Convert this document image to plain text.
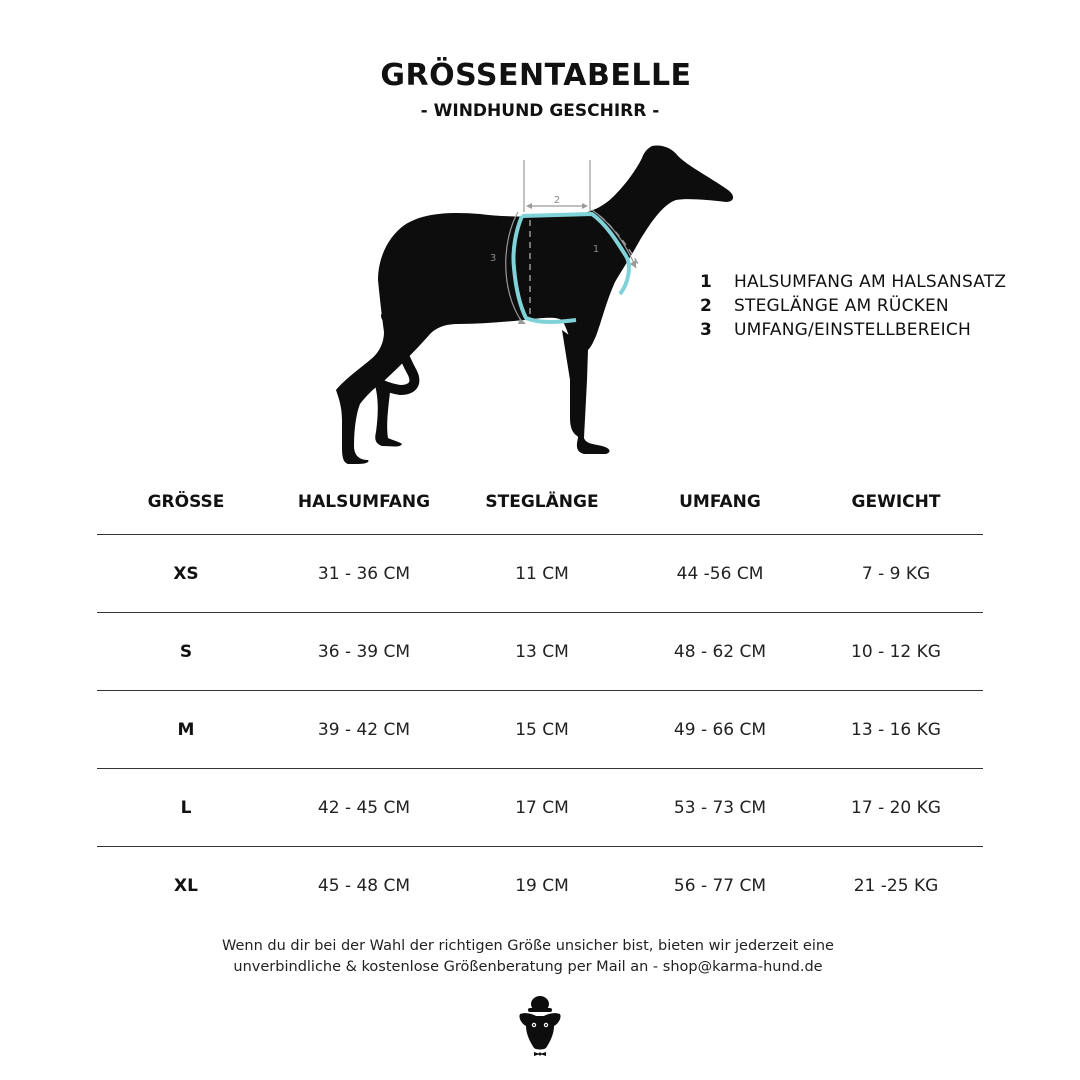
GRÖSSENTABELLE
- WINDHUND GESCHIRR -
2
1
3
1	HALSUMFANG AM HALSANSATZ
2	STEGLÄNGE AM RÜCKEN
3	UMFANG/EINSTELLBEREICH
GRÖSSE	HALSUMFANG	STEGLÄNGE	UMFANG	GEWICHT
XS	31 - 36 CM	11 CM	44 -56 CM	7 - 9 KG
S	36 - 39 CM	13 CM	48 - 62 CM	10 - 12 KG
M	39 - 42 CM	15 CM	49 - 66 CM	13 - 16 KG
L	42 - 45 CM	17 CM	53 - 73 CM	17 - 20 KG
XL	45 - 48 CM	19 CM	56 - 77 CM	21 -25 KG
Wenn du dir bei der Wahl der richtigen Größe unsicher bist, bieten wir jederzeit eine
unverbindliche & kostenlose Größenberatung per Mail an - shop@karma-hund.de
